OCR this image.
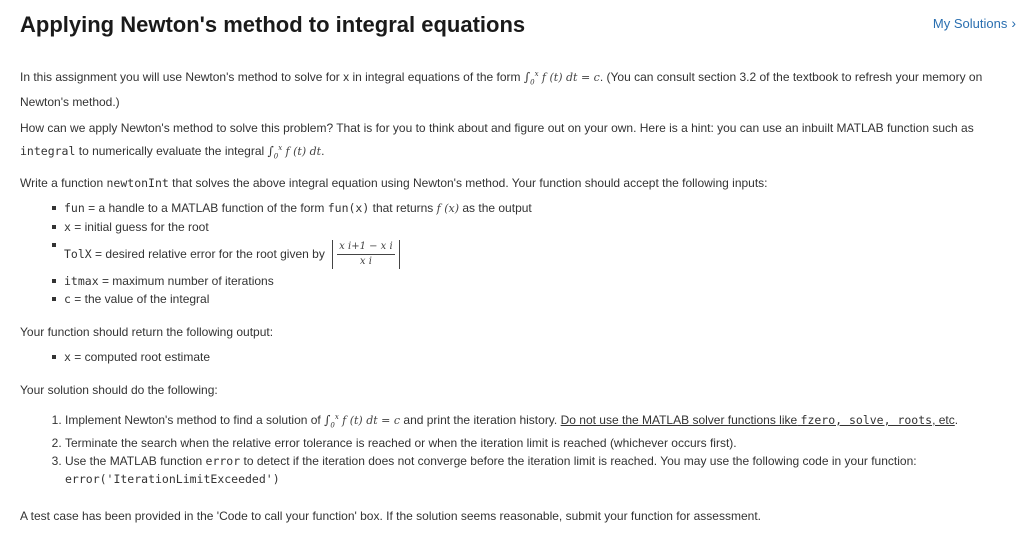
Applying Newton's method to integral equations	My Solutions ›

In this assignment you will use Newton's method to solve for x in integral equations of the form $\int_0^x$ f (t) dt = c. (You can consult section 3.2 of the textbook to refresh your memory on Newton's method.)

How can we apply Newton's method to solve this problem? That is for you to think about and figure out on your own. Here is a hint: you can use an inbuilt MATLAB function such as integral to numerically evaluate the integral $\int_0^x$ f (t) dt.

Write a function newtonInt that solves the above integral equation using Newton's method. Your function should accept the following inputs:

fun = a handle to a MATLAB function of the form fun(x) that returns f (x) as the output
x = initial guess for the root
TolX = desired relative error for the root given by $\frac{\text{x i+1 − x i}}{\text{x i}}$
itmax = maximum number of iterations
c = the value of the integral

Your function should return the following output:

x = computed root estimate

Your solution should do the following:

1. Implement Newton's method to find a solution of $\int_0^x$ f (t) dt = c and print the iteration history. Do not use the MATLAB solver functions like fzero, solve, roots, etc.
2. Terminate the search when the relative error tolerance is reached or when the iteration limit is reached (whichever occurs first).
3. Use the MATLAB function error to detect if the iteration does not converge before the iteration limit is reached. You may use the following code in your function:
error('IterationLimitExceeded')

A test case has been provided in the 'Code to call your function' box. If the solution seems reasonable, submit your function for assessment.
